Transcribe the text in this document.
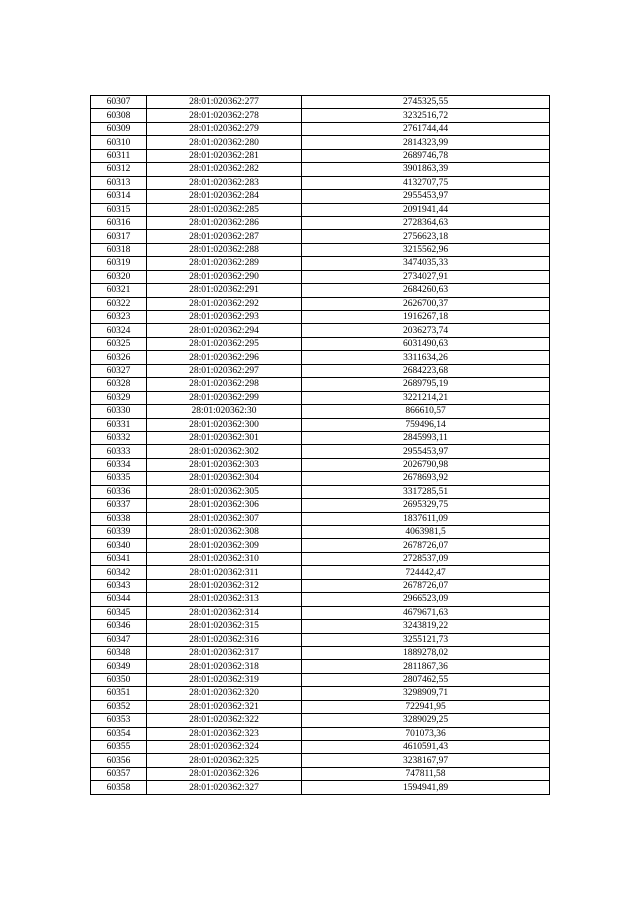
60307	28:01:020362:277	2745325,55
60308	28:01:020362:278	3232516,72
60309	28:01:020362:279	2761744,44
60310	28:01:020362:280	2814323,99
60311	28:01:020362:281	2689746,78
60312	28:01:020362:282	3901863,39
60313	28:01:020362:283	4132707,75
60314	28:01:020362:284	2955453,97
60315	28:01:020362:285	2091941,44
60316	28:01:020362:286	2728364,63
60317	28:01:020362:287	2756623,18
60318	28:01:020362:288	3215562,96
60319	28:01:020362:289	3474035,33
60320	28:01:020362:290	2734027,91
60321	28:01:020362:291	2684260,63
60322	28:01:020362:292	2626700,37
60323	28:01:020362:293	1916267,18
60324	28:01:020362:294	2036273,74
60325	28:01:020362:295	6031490,63
60326	28:01:020362:296	3311634,26
60327	28:01:020362:297	2684223,68
60328	28:01:020362:298	2689795,19
60329	28:01:020362:299	3221214,21
60330	28:01:020362:30	866610,57
60331	28:01:020362:300	759496,14
60332	28:01:020362:301	2845993,11
60333	28:01:020362:302	2955453,97
60334	28:01:020362:303	2026790,98
60335	28:01:020362:304	2678693,92
60336	28:01:020362:305	3317285,51
60337	28:01:020362:306	2695329,75
60338	28:01:020362:307	1837611,09
60339	28:01:020362:308	4063981,5
60340	28:01:020362:309	2678726,07
60341	28:01:020362:310	2728537,09
60342	28:01:020362:311	724442,47
60343	28:01:020362:312	2678726,07
60344	28:01:020362:313	2966523,09
60345	28:01:020362:314	4679671,63
60346	28:01:020362:315	3243819,22
60347	28:01:020362:316	3255121,73
60348	28:01:020362:317	1889278,02
60349	28:01:020362:318	2811867,36
60350	28:01:020362:319	2807462,55
60351	28:01:020362:320	3298909,71
60352	28:01:020362:321	722941,95
60353	28:01:020362:322	3289029,25
60354	28:01:020362:323	701073,36
60355	28:01:020362:324	4610591,43
60356	28:01:020362:325	3238167,97
60357	28:01:020362:326	747811,58
60358	28:01:020362:327	1594941,89
